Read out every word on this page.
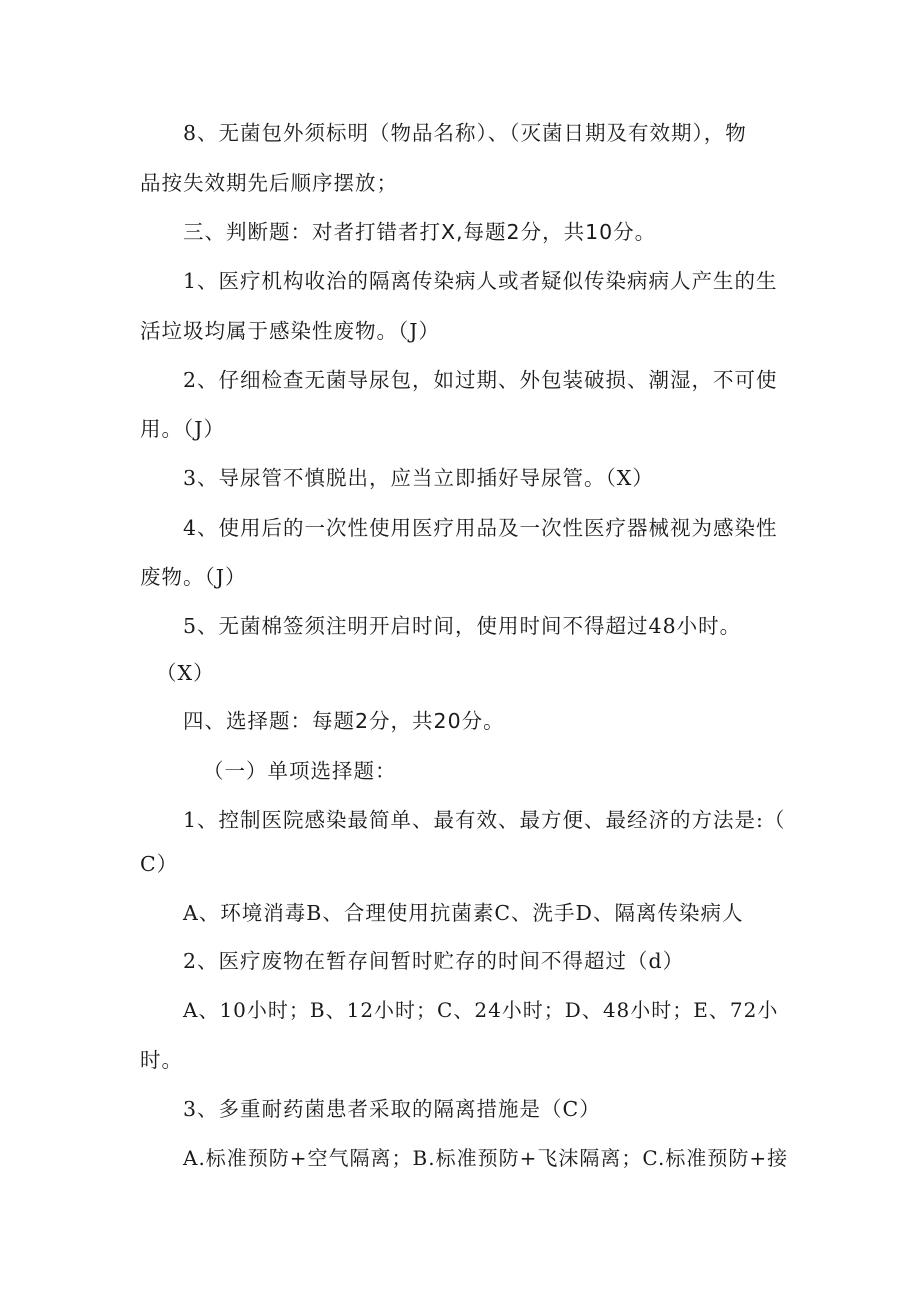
8、无菌包外须标明（物品名称）、（灭菌日期及有效期），物
品按失效期先后顺序摆放；
三、判断题：对者打错者打X,每题2分，共10分。
1、医疗机构收治的隔离传染病人或者疑似传染病病人产生的生
活垃圾均属于感染性废物。（J）
2、仔细检查无菌导尿包，如过期、外包装破损、潮湿，不可使
用。（J）
3、导尿管不慎脱出，应当立即插好导尿管。（X）
4、使用后的一次性使用医疗用品及一次性医疗器械视为感染性
废物。（J）
5、无菌棉签须注明开启时间，使用时间不得超过48小时。
（X）
四、选择题：每题2分，共20分。
（一）单项选择题：
1、控制医院感染最简单、最有效、最方便、最经济的方法是:（
C）
A、环境消毒B、合理使用抗菌素C、洗手D、隔离传染病人
2、医疗废物在暂存间暂时贮存的时间不得超过（d）
A、10小时；B、12小时；C、24小时；D、48小时；E、72小
时。
3、多重耐药菌患者采取的隔离措施是（C）
A.标准预防+空气隔离；B.标准预防+飞沫隔离；C.标准预防+接
